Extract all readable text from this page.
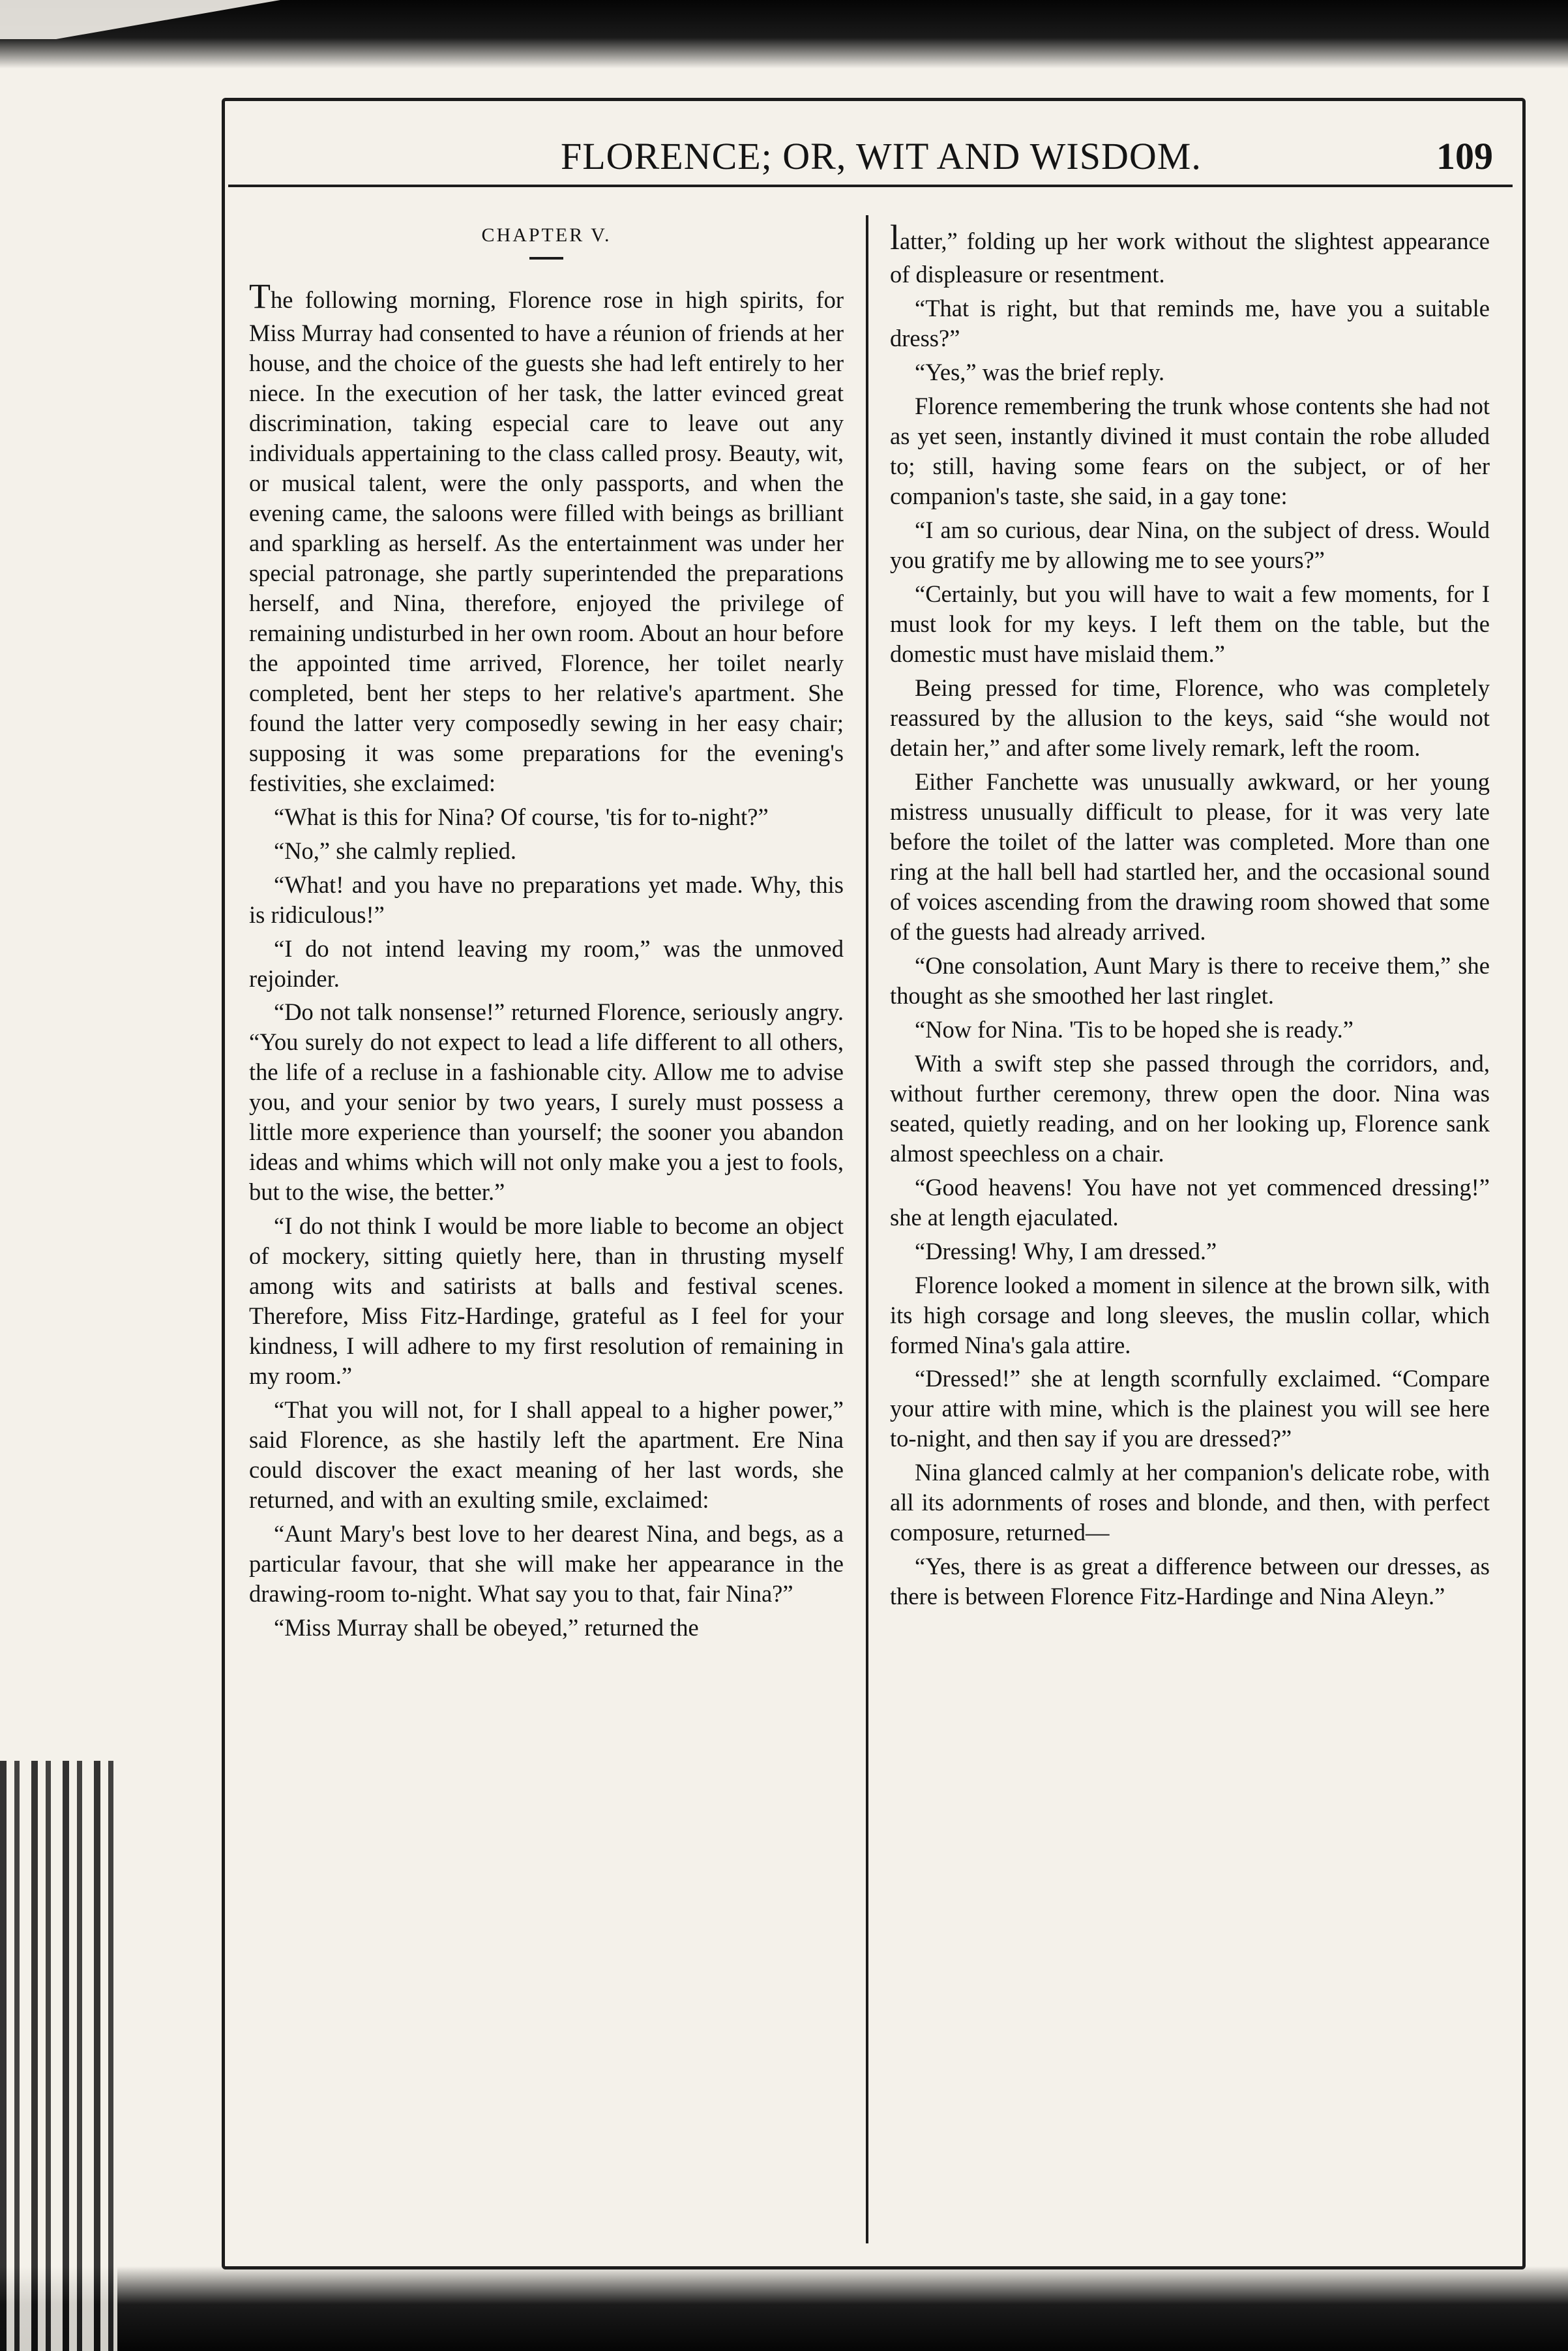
FLORENCE; OR, WIT AND WISDOM.	109
CHAPTER V.

The following morning, Florence rose in high spirits, for Miss Murray had consented to have a réunion of friends at her house, and the choice of the guests she had left entirely to her niece. In the execution of her task, the latter evinced great discrimination, taking especial care to leave out any individuals appertaining to the class called prosy. Beauty, wit, or musical talent, were the only passports, and when the evening came, the saloons were filled with beings as brilliant and sparkling as herself. As the entertainment was under her special patronage, she partly superintended the preparations herself, and Nina, therefore, enjoyed the privilege of remaining undisturbed in her own room. About an hour before the appointed time arrived, Florence, her toilet nearly completed, bent her steps to her relative's apartment. She found the latter very composedly sewing in her easy chair; supposing it was some preparations for the evening's festivities, she exclaimed:

“What is this for Nina? Of course, 'tis for to-night?”

“No,” she calmly replied.

“What! and you have no preparations yet made. Why, this is ridiculous!”

“I do not intend leaving my room,” was the unmoved rejoinder.

“Do not talk nonsense!” returned Florence, seriously angry. “You surely do not expect to lead a life different to all others, the life of a recluse in a fashionable city. Allow me to advise you, and your senior by two years, I surely must possess a little more experience than yourself; the sooner you abandon ideas and whims which will not only make you a jest to fools, but to the wise, the better.”

“I do not think I would be more liable to become an object of mockery, sitting quietly here, than in thrusting myself among wits and satirists at balls and festival scenes. Therefore, Miss Fitz-Hardinge, grateful as I feel for your kindness, I will adhere to my first resolution of remaining in my room.”

“That you will not, for I shall appeal to a higher power,” said Florence, as she hastily left the apartment. Ere Nina could discover the exact meaning of her last words, she returned, and with an exulting smile, exclaimed:

“Aunt Mary's best love to her dearest Nina, and begs, as a particular favour, that she will make her appearance in the drawing-room to-night. What say you to that, fair Nina?”

“Miss Murray shall be obeyed,” returned the

latter,” folding up her work without the slightest appearance of displeasure or resentment.

“That is right, but that reminds me, have you a suitable dress?”

“Yes,” was the brief reply.

Florence remembering the trunk whose contents she had not as yet seen, instantly divined it must contain the robe alluded to; still, having some fears on the subject, or of her companion's taste, she said, in a gay tone:

“I am so curious, dear Nina, on the subject of dress. Would you gratify me by allowing me to see yours?”

“Certainly, but you will have to wait a few moments, for I must look for my keys. I left them on the table, but the domestic must have mislaid them.”

Being pressed for time, Florence, who was completely reassured by the allusion to the keys, said “she would not detain her,” and after some lively remark, left the room.

Either Fanchette was unusually awkward, or her young mistress unusually difficult to please, for it was very late before the toilet of the latter was completed. More than one ring at the hall bell had startled her, and the occasional sound of voices ascending from the drawing room showed that some of the guests had already arrived.

“One consolation, Aunt Mary is there to receive them,” she thought as she smoothed her last ringlet.

“Now for Nina. 'Tis to be hoped she is ready.”

With a swift step she passed through the corridors, and, without further ceremony, threw open the door. Nina was seated, quietly reading, and on her looking up, Florence sank almost speechless on a chair.

“Good heavens! You have not yet commenced dressing!” she at length ejaculated.

“Dressing! Why, I am dressed.”

Florence looked a moment in silence at the brown silk, with its high corsage and long sleeves, the muslin collar, which formed Nina's gala attire.

“Dressed!” she at length scornfully exclaimed. “Compare your attire with mine, which is the plainest you will see here to-night, and then say if you are dressed?”

Nina glanced calmly at her companion's delicate robe, with all its adornments of roses and blonde, and then, with perfect composure, returned—

“Yes, there is as great a difference between our dresses, as there is between Florence Fitz-Hardinge and Nina Aleyn.”
